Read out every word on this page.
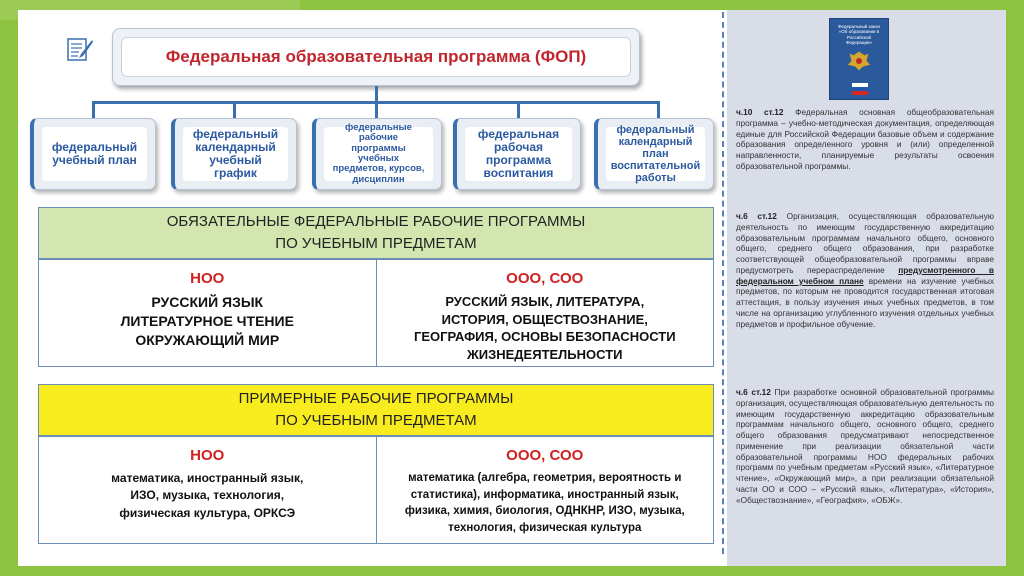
Федеральная образовательная программа (ФОП)
федеральный
учебный план
федеральный
календарный
учебный
график
федеральные
рабочие
программы
учебных
предметов, курсов,
дисциплин
федеральная
рабочая
программа
воспитания
федеральный
календарный
план
воспитательной
работы
ОБЯЗАТЕЛЬНЫЕ ФЕДЕРАЛЬНЫЕ РАБОЧИЕ ПРОГРАММЫ
ПО УЧЕБНЫМ ПРЕДМЕТАМ
НОО
РУССКИЙ ЯЗЫК
ЛИТЕРАТУРНОЕ ЧТЕНИЕ
ОКРУЖАЮЩИЙ МИР
ООО, СОО
РУССКИЙ ЯЗЫК, ЛИТЕРАТУРА,
ИСТОРИЯ, ОБЩЕСТВОЗНАНИЕ,
ГЕОГРАФИЯ, ОСНОВЫ БЕЗОПАСНОСТИ
ЖИЗНЕДЕЯТЕЛЬНОСТИ
ПРИМЕРНЫЕ РАБОЧИЕ ПРОГРАММЫ
ПО УЧЕБНЫМ ПРЕДМЕТАМ
НОО
математика, иностранный язык,
ИЗО, музыка, технология,
физическая культура, ОРКСЭ
ООО, СОО
математика (алгебра, геометрия, вероятность и
статистика), информатика, иностранный язык,
физика, химия, биология, ОДНКНР, ИЗО, музыка,
технология, физическая культура
Федеральный закон «Об образовании в Российской Федерации»
ч.10 ст.12 Федеральная основная общеобразовательная программа – учебно-методическая документация, определяющая единые для Российской Федерации базовые объем и содержание образования определенного уровня и (или) определенной направленности, планируемые результаты освоения образовательной программы.
ч.6 ст.12 Организация, осуществляющая образовательную деятельность по имеющим государственную аккредитацию образовательным программам начального общего, основного общего, среднего общего образования, при разработке соответствующей общеобразовательной программы вправе предусмотреть перераспределение предусмотренного в федеральном учебном плане времени на изучение учебных предметов, по которым не проводится государственная итоговая аттестация, в пользу изучения иных учебных предметов, в том числе на организацию углубленного изучения отдельных учебных предметов и профильное обучение.
ч.6 ст.12 При разработке основной образовательной программы организация, осуществляющая образовательную деятельность по имеющим государственную аккредитацию образовательным программам начального общего, основного общего, среднего общего образования предусматривают непосредственное применение при реализации обязательной части образовательной программы НОО федеральных рабочих программ по учебным предметам «Русский язык», «Литературное чтение», «Окружающий мир», а при реализации обязательной части ОО и СОО – «Русский язык», «Литература», «История», «Обществознание», «География», «ОБЖ».
